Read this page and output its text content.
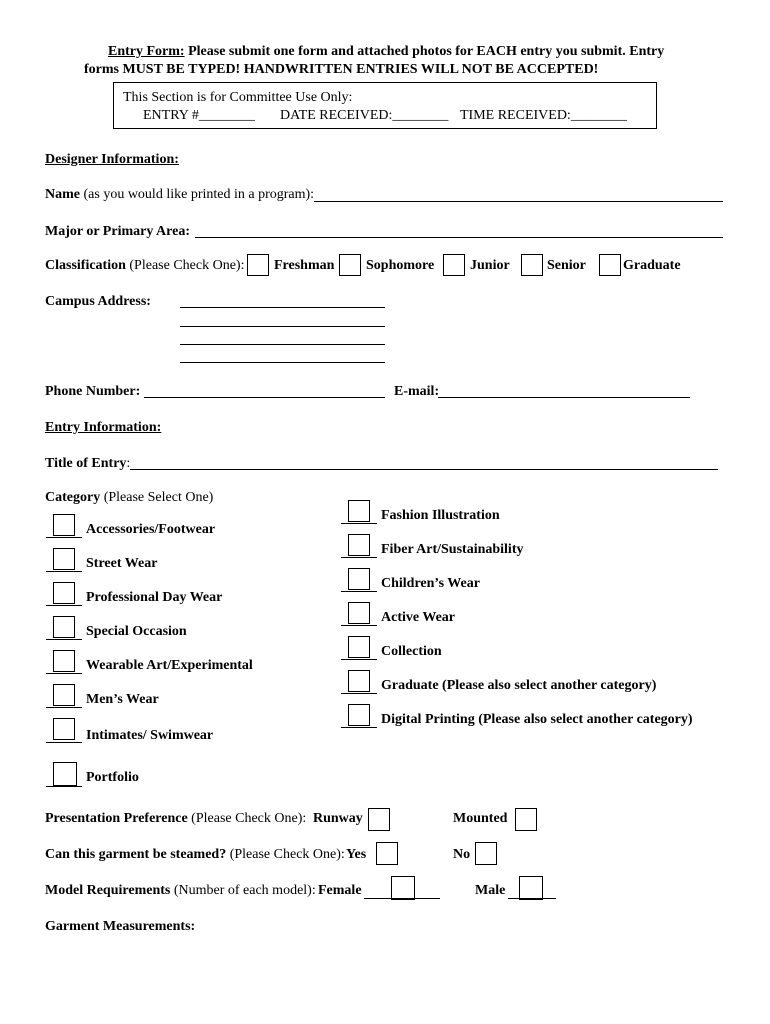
Entry Form: Please submit one form and attached photos for EACH entry you submit. Entry
forms MUST BE TYPED! HANDWRITTEN ENTRIES WILL NOT BE ACCEPTED!
This Section is for Committee Use Only:
ENTRY #________ DATE RECEIVED:________ TIME RECEIVED:________
Designer Information:
Name (as you would like printed in a program):
Major or Primary Area:
Classification (Please Check One): Freshman Sophomore	Junior	Senior	Graduate
Campus Address:
Phone Number:	E-mail:
Entry Information:
Title of Entry:
Category (Please Select One)
Accessories/Footwear
Street Wear
Professional Day Wear
Special Occasion
Wearable Art/Experimental
Men’s Wear
Intimates/ Swimwear
Portfolio
Fashion Illustration
Fiber Art/Sustainability
Children’s Wear
Active Wear
Collection
Graduate (Please also select another category)
Digital Printing (Please also select another category)
Presentation Preference (Please Check One): Runway	Mounted
Can this garment be steamed? (Please Check One): Yes	No
Model Requirements (Number of each model): Female	Male
Garment Measurements:
